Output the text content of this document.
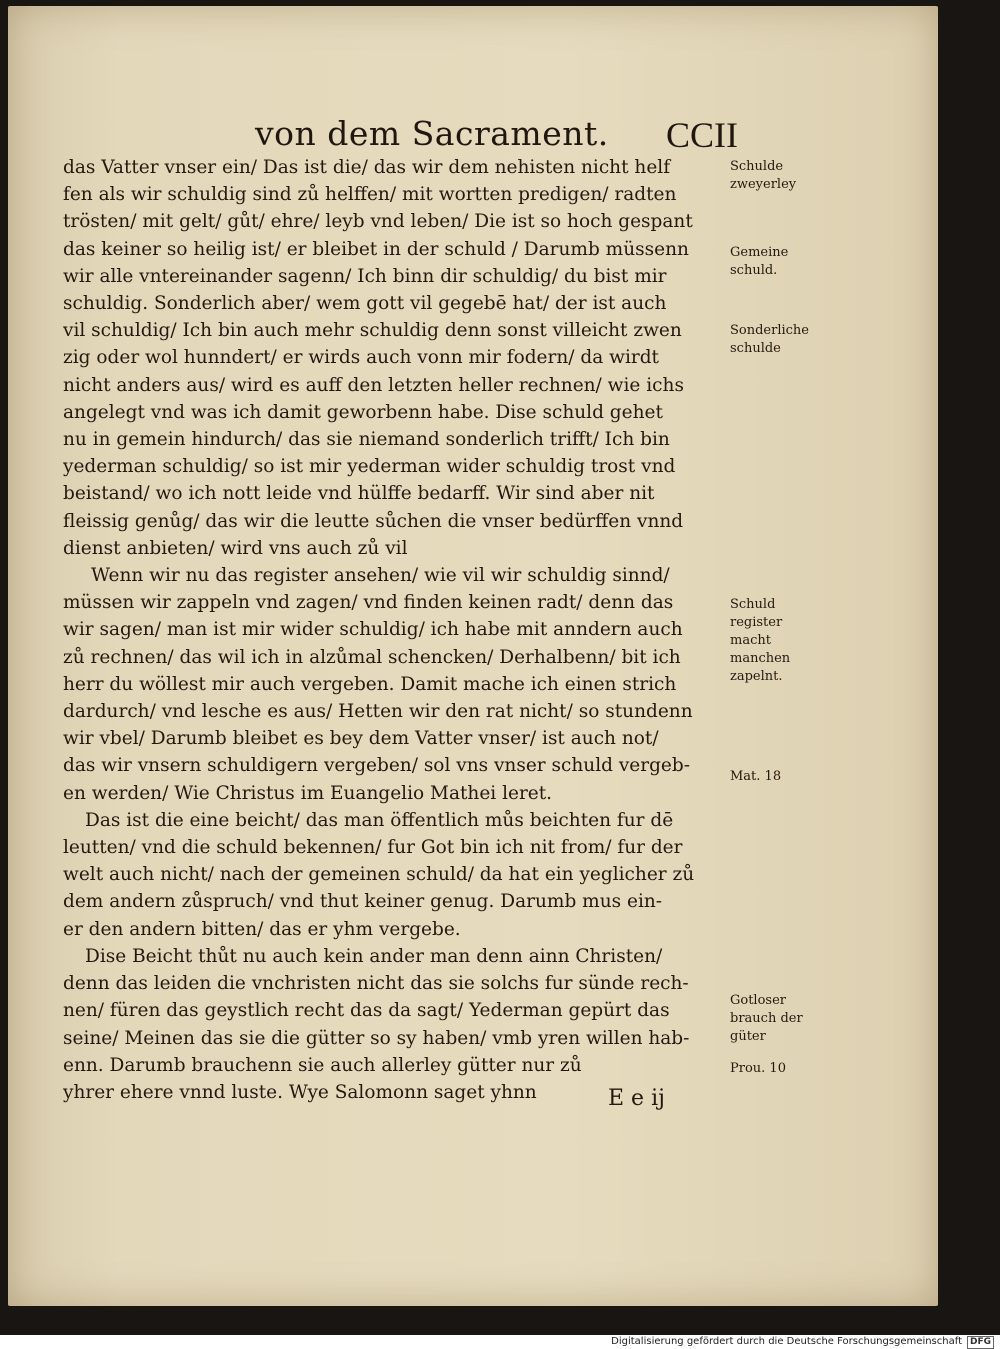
von dem Sacrament. CCII

das Vatter vnser ein/ Das ist die/ das wir dem nehisten nicht helf
fen als wir schuldig sind zů helffen/ mit wortten predigen/ radten
trösten/ mit gelt/ gůt/ ehre/ leyb vnd leben/ Die ist so hoch gespant
das keiner so heilig ist/ er bleibet in der schuld / Darumb müssenn
wir alle vntereinander sagenn/ Ich binn dir schuldig/ du bist mir
schuldig. Sonderlich aber/ wem gott vil gegebē hat/ der ist auch
vil schuldig/ Ich bin auch mehr schuldig denn sonst villeicht zwen
zig oder wol hunndert/ er wirds auch vonn mir fodern/ da wirdt
nicht anders aus/ wird es auff den letzten heller rechnen/ wie ichs
angelegt vnd was ich damit geworbenn habe. Dise schuld gehet
nu in gemein hindurch/ das sie niemand sonderlich trifft/ Ich bin
yederman schuldig/ so ist mir yederman wider schuldig trost vnd
beistand/ wo ich nott leide vnd hülffe bedarff. Wir sind aber nit
fleissig genůg/ das wir die leutte sůchen die vnser bedürffen vnnd
dienst anbieten/ wird vns auch zů vil

Wenn wir nu das register ansehen/ wie vil wir schuldig sinnd/
müssen wir zappeln vnd zagen/ vnd finden keinen radt/ denn das
wir sagen/ man ist mir wider schuldig/ ich habe mit anndern auch
zů rechnen/ das wil ich in alzůmal schencken/ Derhalbenn/ bit ich
herr du wöllest mir auch vergeben. Damit mache ich einen strich
dardurch/ vnd lesche es aus/ Hetten wir den rat nicht/ so stundenn
wir vbel/ Darumb bleibet es bey dem Vatter vnser/ ist auch not/
das wir vnsern schuldigern vergeben/ sol vns vnser schuld vergeb-
en werden/ Wie Christus im Euangelio Mathei leret.

Das ist die eine beicht/ das man öffentlich můs beichten fur dē
leutten/ vnd die schuld bekennen/ fur Got bin ich nit from/ fur der
welt auch nicht/ nach der gemeinen schuld/ da hat ein yeglicher zů
dem andern zůspruch/ vnd thut keiner genug. Darumb mus ein-
er den andern bitten/ das er yhm vergebe.

Dise Beicht thůt nu auch kein ander man denn ainn Christen/
denn das leiden die vnchristen nicht das sie solchs fur sünde rech-
nen/ füren das geystlich recht das da sagt/ Yederman gepürt das
seine/ Meinen das sie die gütter so sy haben/ vmb yren willen hab-
enn. Darumb brauchenn sie auch allerley gütter nur zů
yhrer ehere vnnd luste. Wye Salomonn saget yhnn

Schulde zweyerley
Gemeine schuld.
Sonderliche schulde
Schuld register macht manchen zapelnt.
Mat. 18
Gotloser brauch der güter
Prou. 10
E e ij
Digitalisierung gefördert durch die Deutsche Forschungsgemeinschaft DFG
